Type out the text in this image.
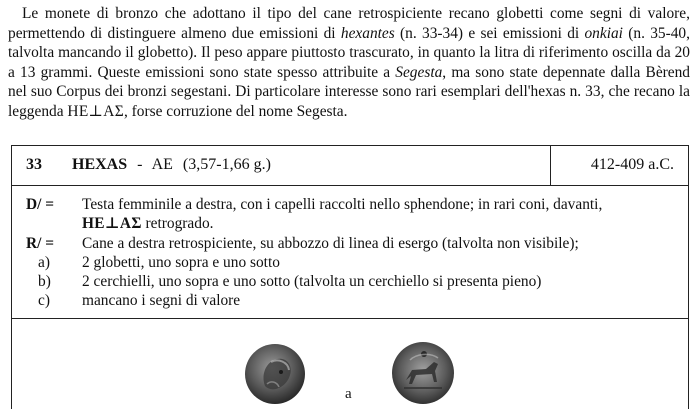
Le monete di bronzo che adottano il tipo del cane retrospiciente recano globetti come segni di valore, permettendo di distinguere almeno due emissioni di hexantes (n. 33-34) e sei emissioni di onkiai (n. 35-40, talvolta mancando il globetto). Il peso appare piuttosto trascurato, in quanto la litra di riferimento oscilla da 20 a 13 grammi. Queste emissioni sono state spesso attribuite a Segesta, ma sono state depennate dalla Bèrend nel suo Corpus dei bronzi segestani. Di particolare interesse sono rari esemplari dell'hexas n. 33, che recano la leggenda ΗΕ⊥ΑΣ, forse corruzione del nome Segesta.
33 HEXAS - AE (3,57-1,66 g.)	412-409 a.C.
D/ = Testa femminile a destra, con i capelli raccolti nello sphendone; in rari coni, davanti,
ΗΕ⊥ΑΣ retrogrado.
R/ = Cane a destra retrospiciente, su abbozzo di linea di esergo (talvolta non visibile);
a) 2 globetti, uno sopra e uno sotto
b) 2 cerchielli, uno sopra e uno sotto (talvolta un cerchiello si presenta pieno)
c) mancano i segni di valore
a
